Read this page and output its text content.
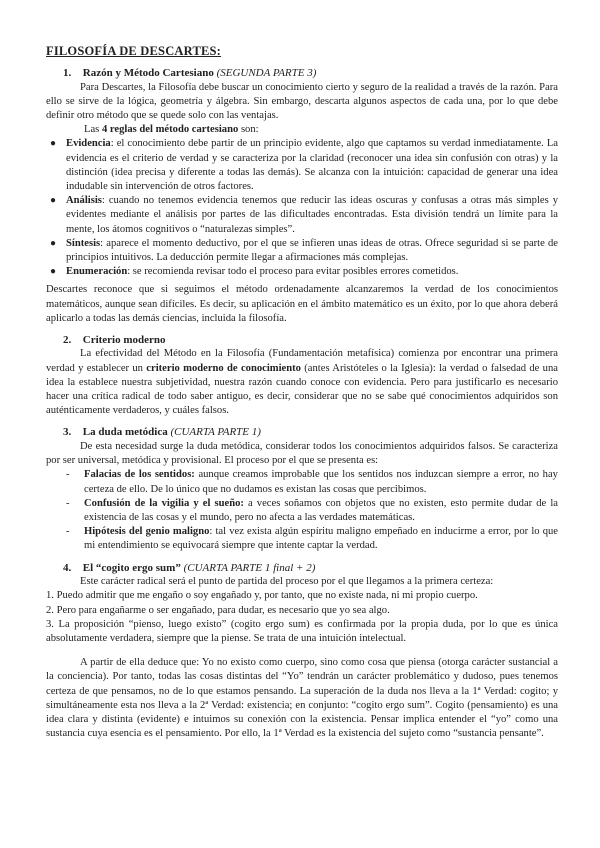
FILOSOFÍA DE DESCARTES:
1. Razón y Método Cartesiano (SEGUNDA PARTE 3)

Para Descartes, la Filosofía debe buscar un conocimiento cierto y seguro de la realidad a través de la razón. Para ello se sirve de la lógica, geometría y álgebra. Sin embargo, descarta algunos aspectos de cada una, por lo que debe definir otro método que se quede solo con las ventajas.

Las 4 reglas del método cartesiano son:

● Evidencia: el conocimiento debe partir de un principio evidente, algo que captamos su verdad inmediatamente. La evidencia es el criterio de verdad y se caracteriza por la claridad (reconocer una idea sin confusión con otras) y la distinción (idea precisa y diferente a todas las demás). Se alcanza con la intuición: capacidad de generar una idea indudable sin intervención de otros factores.
● Análisis: cuando no tenemos evidencia tenemos que reducir las ideas oscuras y confusas a otras más simples y evidentes mediante el análisis por partes de las dificultades encontradas. Esta división tendrá un límite para la mente, los átomos cognitivos o “naturalezas simples”.
● Síntesis: aparece el momento deductivo, por el que se infieren unas ideas de otras. Ofrece seguridad si se parte de principios intuitivos. La deducción permite llegar a afirmaciones más complejas.
● Enumeración: se recomienda revisar todo el proceso para evitar posibles errores cometidos.

Descartes reconoce que si seguimos el método ordenadamente alcanzaremos la verdad de los conocimientos matemáticos, aunque sean difíciles. Es decir, su aplicación en el ámbito matemático es un éxito, por lo que ahora deberá aplicarlo a todas las demás ciencias, incluida la filosofía.

2. Criterio moderno

La efectividad del Método en la Filosofía (Fundamentación metafísica) comienza por encontrar una primera verdad y establecer un criterio moderno de conocimiento (antes Aristóteles o la Iglesia): la verdad o falsedad de una idea la establece nuestra subjetividad, nuestra razón cuando conoce con evidencia. Pero para justificarlo es necesario hacer una crítica radical de todo saber antiguo, es decir, considerar que no se sabe qué conocimientos adquiridos son auténticamente verdaderos, y cuáles falsos.

3. La duda metódica (CUARTA PARTE 1)

De esta necesidad surge la duda metódica, considerar todos los conocimientos adquiridos falsos. Se caracteriza por ser universal, metódica y provisional. El proceso por el que se presenta es:

- Falacias de los sentidos: aunque creamos improbable que los sentidos nos induzcan siempre a error, no hay certeza de ello. De lo único que no dudamos es existan las cosas que percibimos.
- Confusión de la vigilia y el sueño: a veces soñamos con objetos que no existen, esto permite dudar de la existencia de las cosas y el mundo, pero no afecta a las verdades matemáticas.
- Hipótesis del genio maligno: tal vez exista algún espíritu maligno empeñado en inducirme a error, por lo que mi entendimiento se equivocará siempre que intente captar la verdad.
4. El “cogito ergo sum” (CUARTA PARTE 1 final + 2)

Este carácter radical será el punto de partida del proceso por el que llegamos a la primera certeza:

1. Puedo admitir que me engaño o soy engañado y, por tanto, que no existe nada, ni mi propio cuerpo.

2. Pero para engañarme o ser engañado, para dudar, es necesario que yo sea algo.

3. La proposición “pienso, luego existo” (cogito ergo sum) es confirmada por la propia duda, por lo que es única absolutamente verdadera, siempre que la piense. Se trata de una intuición intelectual.

A partir de ella deduce que: Yo no existo como cuerpo, sino como cosa que piensa (otorga carácter sustancial a la conciencia). Por tanto, todas las cosas distintas del “Yo” tendrán un carácter problemático y dudoso, pues tenemos certeza de que pensamos, no de lo que estamos pensando. La superación de la duda nos lleva a la 1ª Verdad: cogito; y simultáneamente esta nos lleva a la 2ª Verdad: existencia; en conjunto: “cogito ergo sum”. Cogito (pensamiento) es una idea clara y distinta (evidente) e intuimos su conexión con la existencia. Pensar implica entender el “yo” como una sustancia cuya esencia es el pensamiento. Por ello, la 1ª Verdad es la existencia del sujeto como “sustancia pensante”.
